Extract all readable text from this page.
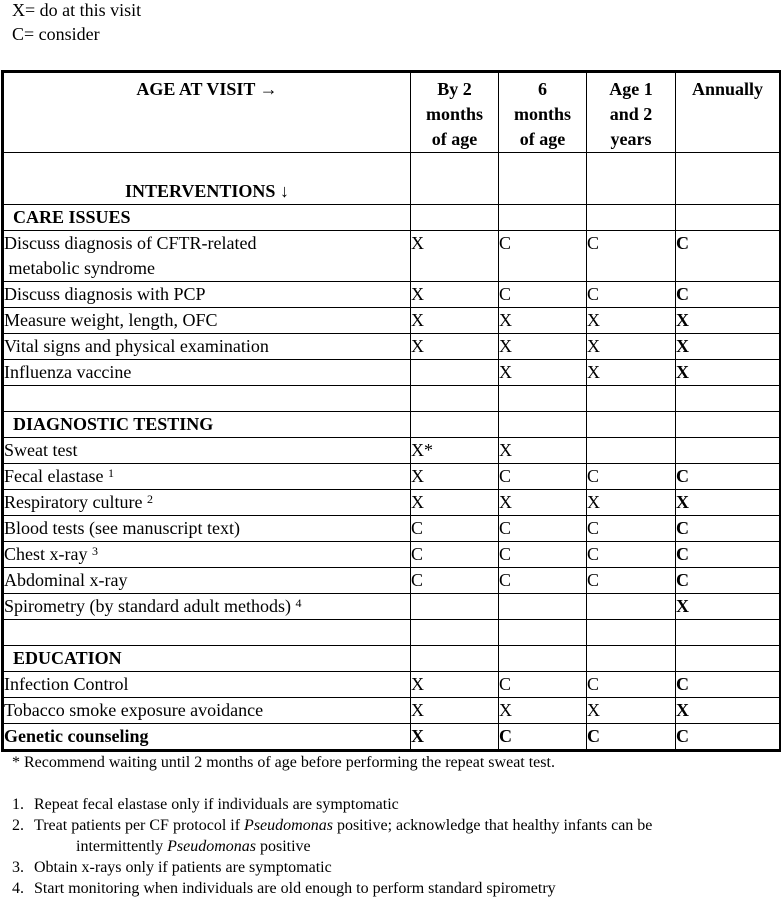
X= do at this visit
C= consider
AGE AT VISIT →	By 2
months
of age	6
months
of age	Age 1
and 2
years	Annually
INTERVENTIONS ↓				
CARE ISSUES				
Discuss diagnosis of CFTR-related
metabolic syndrome	X	C	C	C
Discuss diagnosis with PCP	X	C	C	C
Measure weight, length, OFC	X	X	X	X
Vital signs and physical examination	X	X	X	X
Influenza vaccine		X	X	X

DIAGNOSTIC TESTING				
Sweat test	X*	X		
Fecal elastase $^1$	X	C	C	C
Respiratory culture $^2$	X	X	X	X
Blood tests (see manuscript text)	C	C	C	C
Chest x-ray $^3$	C	C	C	C
Abdominal x-ray	C	C	C	C
Spirometry (by standard adult methods) $^4$				X

EDUCATION				
Infection Control	X	C	C	C
Tobacco smoke exposure avoidance	X	X	X	X
Genetic counseling	X	C	C	C

* Recommend waiting until 2 months of age before performing the repeat sweat test.

1. Repeat fecal elastase only if individuals are symptomatic
2. Treat patients per CF protocol if Pseudomonas positive; acknowledge that healthy infants can be
intermittently Pseudomonas positive
3. Obtain x-rays only if patients are symptomatic
4. Start monitoring when individuals are old enough to perform standard spirometry
